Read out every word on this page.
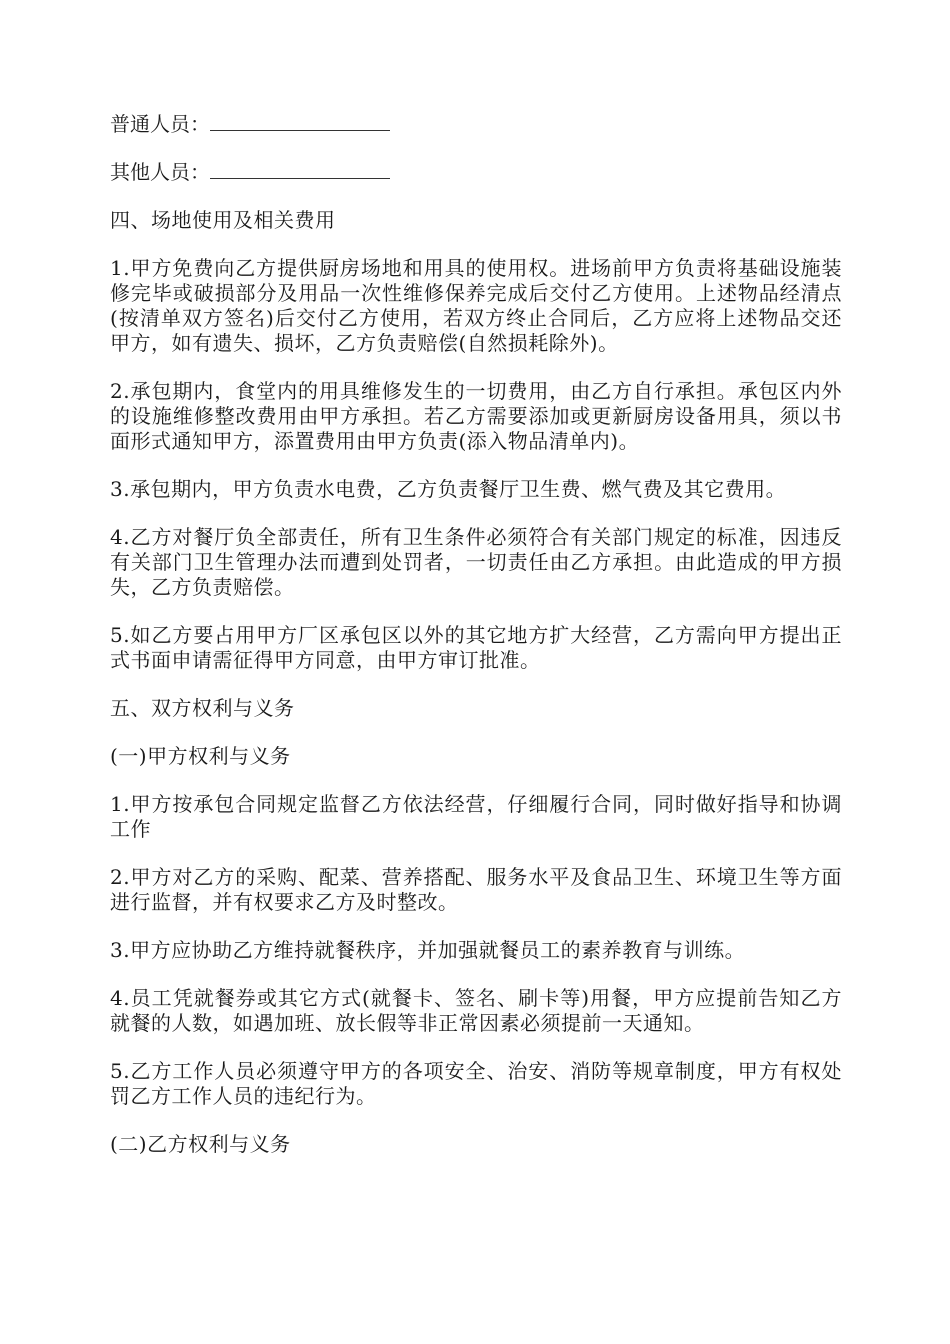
普通人员：
其他人员：

四、场地使用及相关费用

1.甲方免费向乙方提供厨房场地和用具的使用权。进场前甲方负责将基础设施装修完毕或破损部分及用品一次性维修保养完成后交付乙方使用。上述物品经清点(按清单双方签名)后交付乙方使用，若双方终止合同后，乙方应将上述物品交还甲方，如有遗失、损坏，乙方负责赔偿(自然损耗除外)。

2.承包期内，食堂内的用具维修发生的一切费用，由乙方自行承担。承包区内外的设施维修整改费用由甲方承担。若乙方需要添加或更新厨房设备用具，须以书面形式通知甲方，添置费用由甲方负责(添入物品清单内)。

3.承包期内，甲方负责水电费，乙方负责餐厅卫生费、燃气费及其它费用。

4.乙方对餐厅负全部责任，所有卫生条件必须符合有关部门规定的标准，因违反有关部门卫生管理办法而遭到处罚者，一切责任由乙方承担。由此造成的甲方损失，乙方负责赔偿。

5.如乙方要占用甲方厂区承包区以外的其它地方扩大经营，乙方需向甲方提出正式书面申请需征得甲方同意，由甲方审订批准。

五、双方权利与义务

(一)甲方权利与义务

1.甲方按承包合同规定监督乙方依法经营，仔细履行合同，同时做好指导和协调工作

2.甲方对乙方的采购、配菜、营养搭配、服务水平及食品卫生、环境卫生等方面进行监督，并有权要求乙方及时整改。

3.甲方应协助乙方维持就餐秩序，并加强就餐员工的素养教育与训练。

4.员工凭就餐券或其它方式(就餐卡、签名、刷卡等)用餐，甲方应提前告知乙方就餐的人数，如遇加班、放长假等非正常因素必须提前一天通知。

5.乙方工作人员必须遵守甲方的各项安全、治安、消防等规章制度，甲方有权处罚乙方工作人员的违纪行为。

(二)乙方权利与义务
